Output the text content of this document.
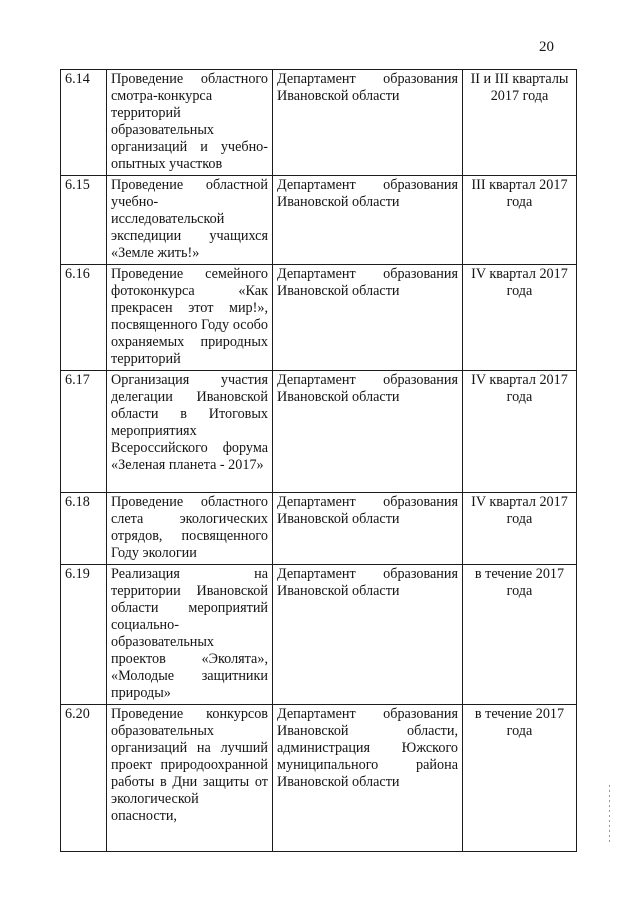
20
6.14	Проведение областного смотра-конкурса территорий образовательных организаций и учебно-опытных участков	Департамент образования Ивановской области	II и III кварталы 2017 года
6.15	Проведение областной учебно-исследовательской экспедиции учащихся «Земле жить!»	Департамент образования Ивановской области	III квартал 2017 года
6.16	Проведение семейного фотоконкурса «Как прекрасен этот мир!», посвященного Году особо охраняемых природных территорий	Департамент образования Ивановской области	IV квартал 2017 года
6.17	Организация участия делегации Ивановской области в Итоговых мероприятиях Всероссийского форума «Зеленая планета - 2017»	Департамент образования Ивановской области	IV квартал 2017 года
6.18	Проведение областного слета экологических отрядов, посвященного Году экологии	Департамент образования Ивановской области	IV квартал 2017 года
6.19	Реализация на территории Ивановской области мероприятий социально-образовательных проектов «Эколята», «Молодые защитники природы»	Департамент образования Ивановской области	в течение 2017 года
6.20	Проведение конкурсов образовательных организаций на лучший проект природоохранной работы в Дни защиты от экологической опасности,	Департамент образования Ивановской области, администрация Южского муниципального района Ивановской области	в течение 2017 года
